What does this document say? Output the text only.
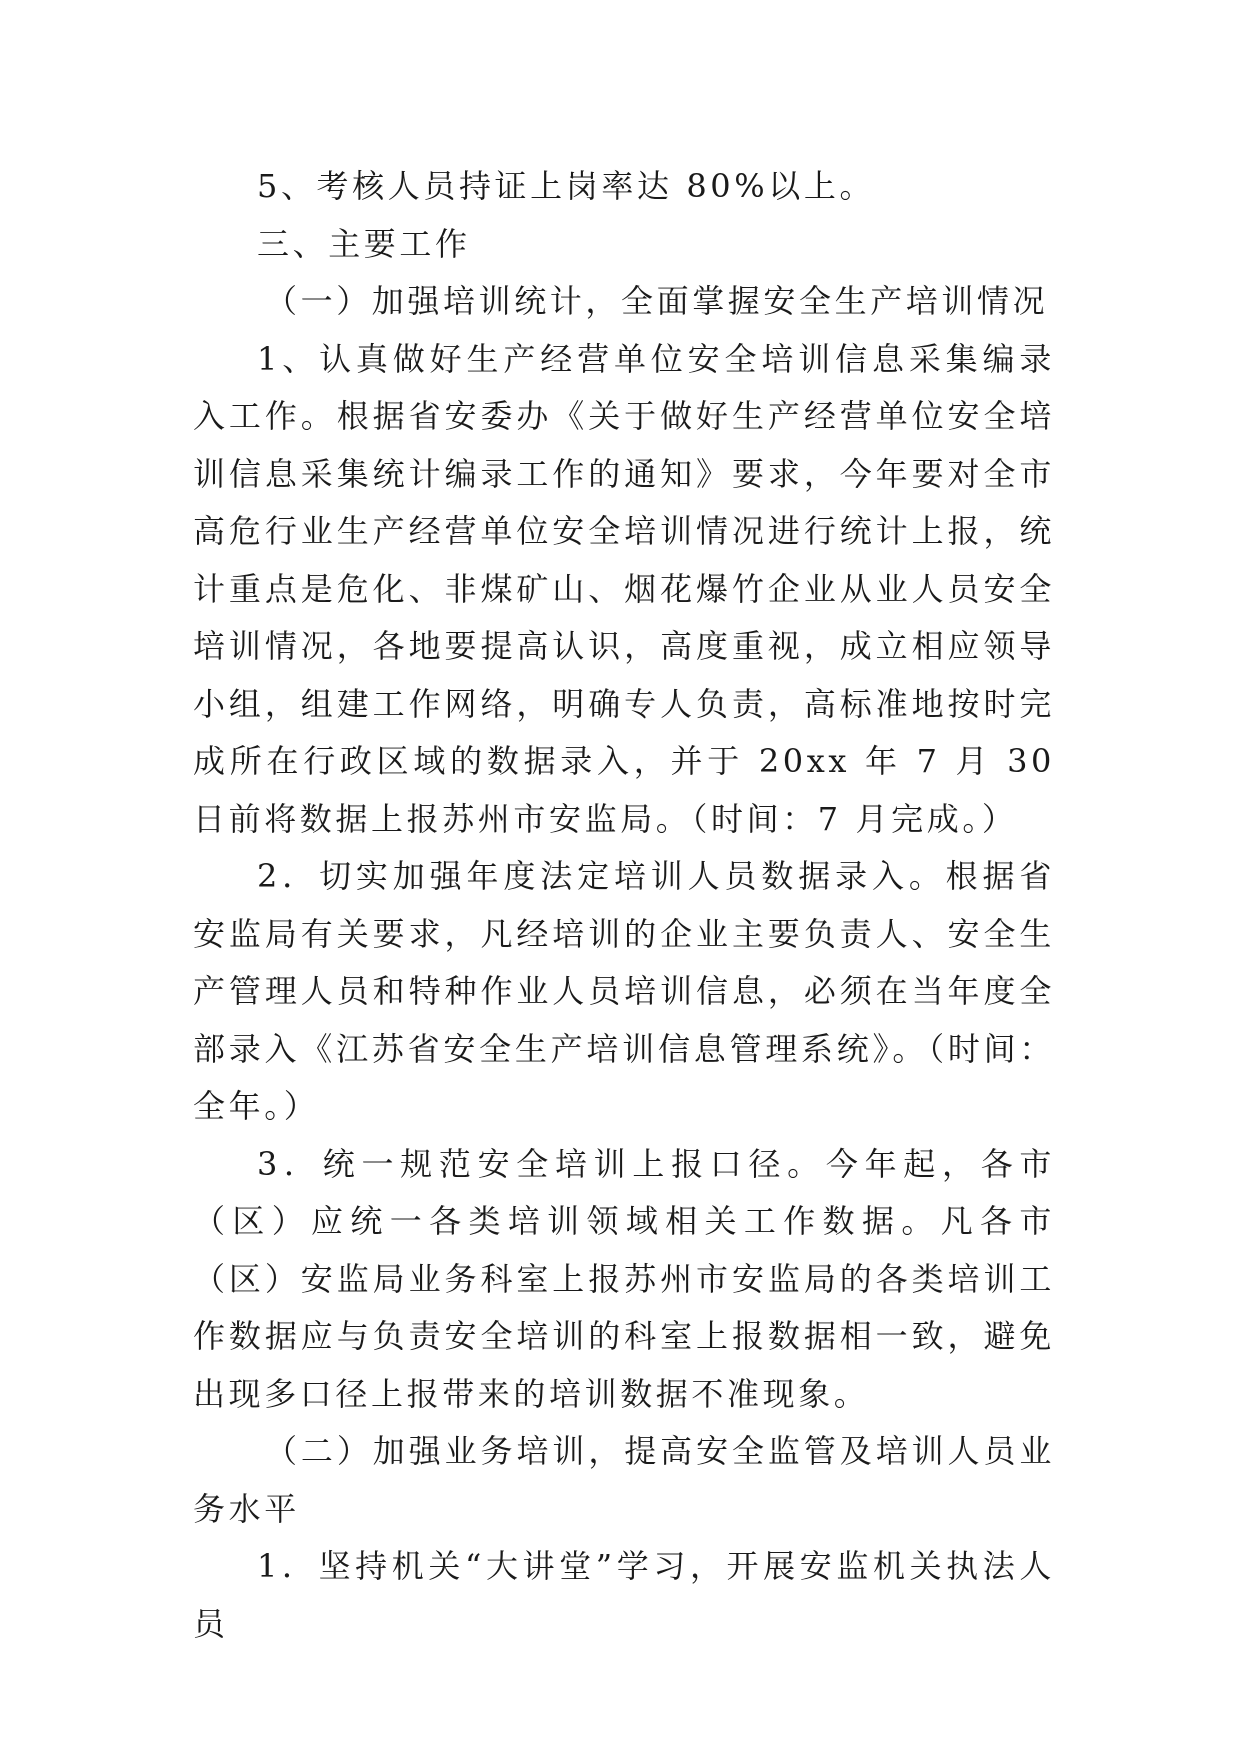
5、考核人员持证上岗率达 80%以上。

三、主要工作

（一）加强培训统计，全面掌握安全生产培训情况

1、认真做好生产经营单位安全培训信息采集编录入工作。根据省安委办《关于做好生产经营单位安全培训信息采集统计编录工作的通知》要求，今年要对全市高危行业生产经营单位安全培训情况进行统计上报，统计重点是危化、非煤矿山、烟花爆竹企业从业人员安全培训情况，各地要提高认识，高度重视，成立相应领导小组，组建工作网络，明确专人负责，高标准地按时完成所在行政区域的数据录入，并于 20xx 年 7 月 30 日前将数据上报苏州市安监局。（时间：7 月完成。）

2．切实加强年度法定培训人员数据录入。根据省安监局有关要求，凡经培训的企业主要负责人、安全生产管理人员和特种作业人员培训信息，必须在当年度全部录入《江苏省安全生产培训信息管理系统》。（时间：全年。）

3．统一规范安全培训上报口径。今年起，各市（区）应统一各类培训领域相关工作数据。凡各市（区）安监局业务科室上报苏州市安监局的各类培训工作数据应与负责安全培训的科室上报数据相一致，避免出现多口径上报带来的培训数据不准现象。

（二）加强业务培训，提高安全监管及培训人员业务水平

1．坚持机关“大讲堂”学习，开展安监机关执法人员
